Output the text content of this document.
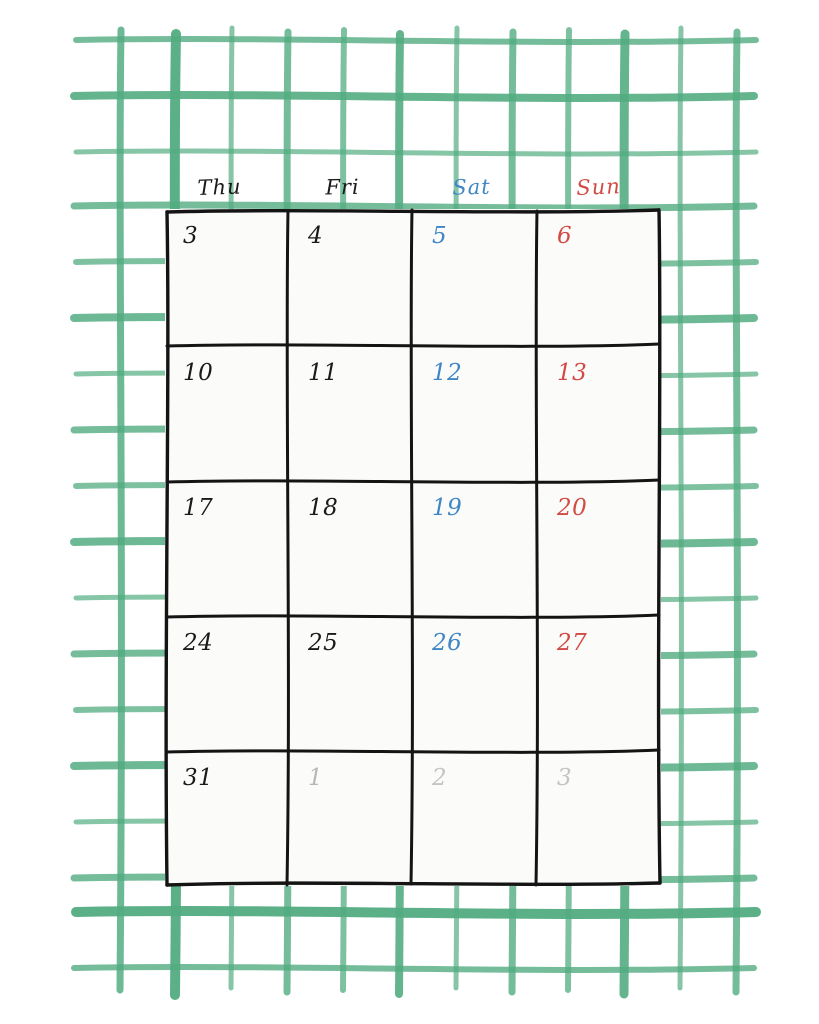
Thu	Fri	Sat	Sun
3	4	5	6
10	11	12	13
17	18	19	20
24	25	26	27
31	1	2	3
